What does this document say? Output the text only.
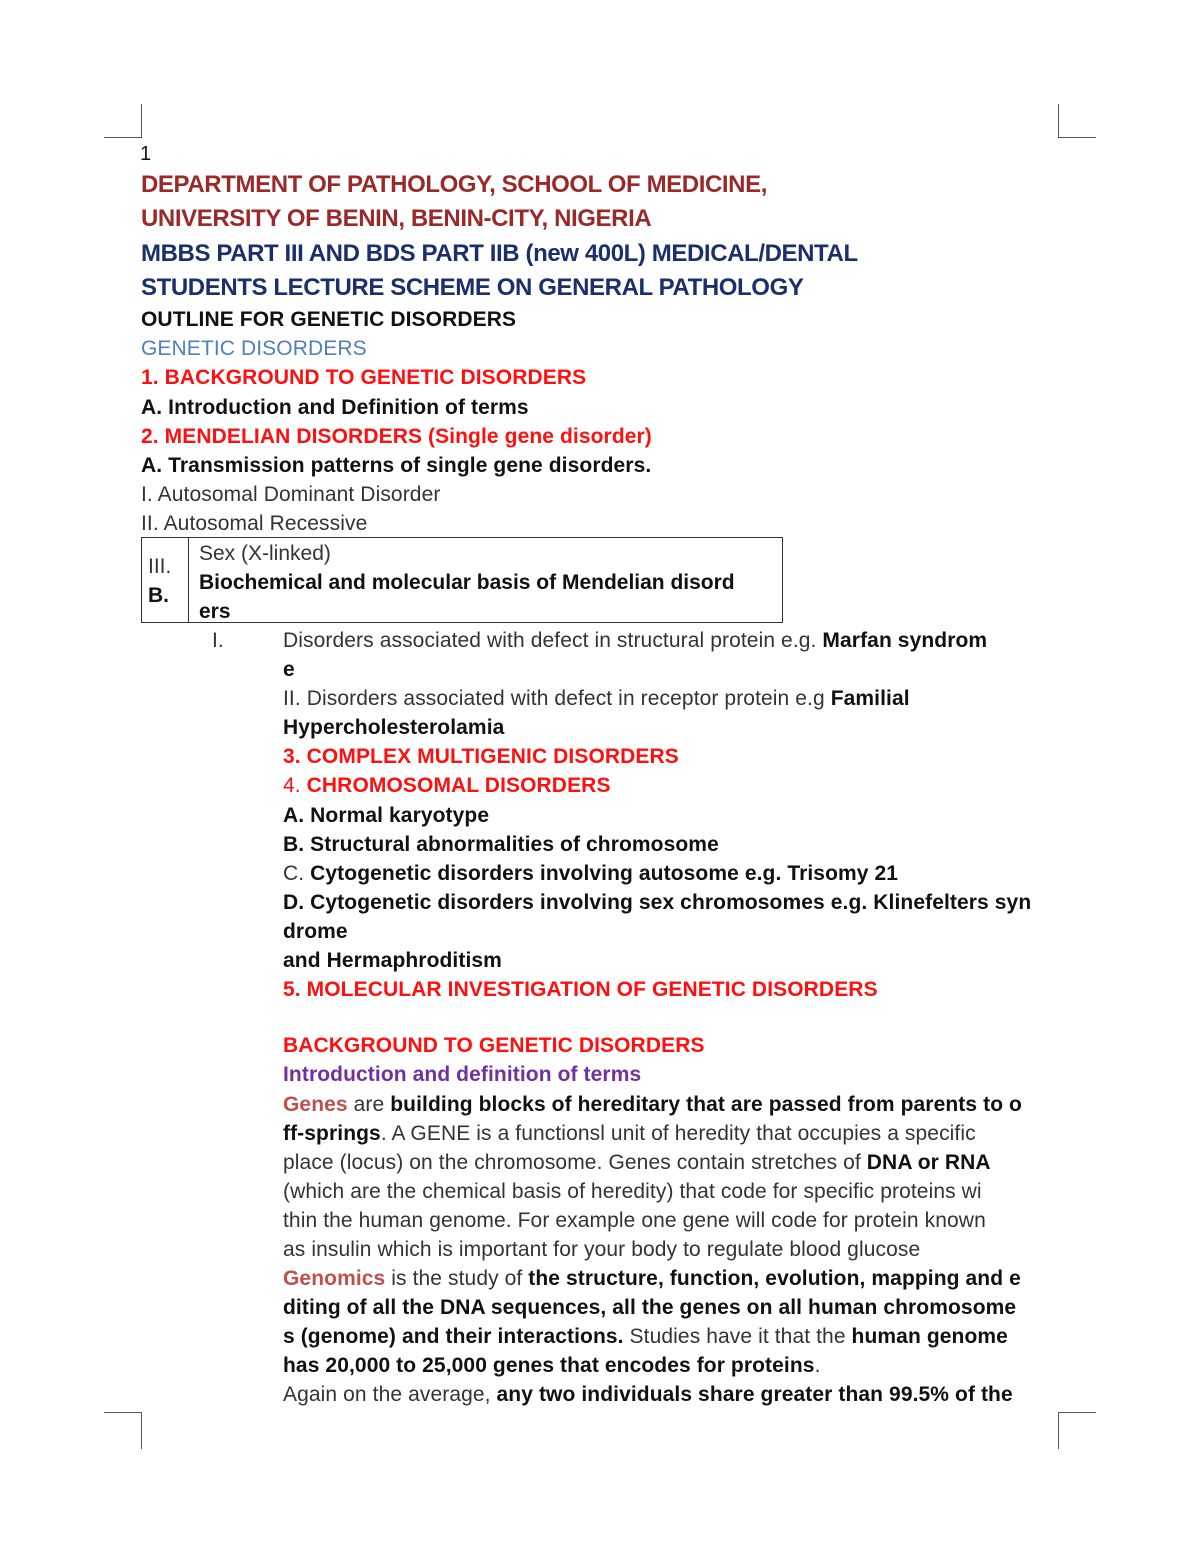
1
DEPARTMENT OF PATHOLOGY, SCHOOL OF MEDICINE,
UNIVERSITY OF BENIN, BENIN-CITY, NIGERIA
MBBS PART III AND BDS PART IIB (new 400L) MEDICAL/DENTAL
STUDENTS LECTURE SCHEME ON GENERAL PATHOLOGY
OUTLINE FOR GENETIC DISORDERS
GENETIC DISORDERS
1. BACKGROUND TO GENETIC DISORDERS
A. Introduction and Definition of terms
2. MENDELIAN DISORDERS (Single gene disorder)
A. Transmission patterns of single gene disorders.
I. Autosomal Dominant Disorder
II. Autosomal Recessive
III.
B.
Sex (X-linked)
Biochemical and molecular basis of Mendelian disord
ers
I.	Disorders associated with defect in structural protein e.g. Marfan syndrom
e
II. Disorders associated with defect in receptor protein e.g Familial
Hypercholesterolamia
3. COMPLEX MULTIGENIC DISORDERS
4. CHROMOSOMAL DISORDERS
A. Normal karyotype
B. Structural abnormalities of chromosome
C. Cytogenetic disorders involving autosome e.g. Trisomy 21
D. Cytogenetic disorders involving sex chromosomes e.g. Klinefelters syn
drome
and Hermaphroditism
5. MOLECULAR INVESTIGATION OF GENETIC DISORDERS
BACKGROUND TO GENETIC DISORDERS
Introduction and definition of terms
Genes are building blocks of hereditary that are passed from parents to o
ff-springs. A GENE is a functionsl unit of heredity that occupies a specific
place (locus) on the chromosome. Genes contain stretches of DNA or RNA
(which are the chemical basis of heredity) that code for specific proteins wi
thin the human genome. For example one gene will code for protein known
as insulin which is important for your body to regulate blood glucose
Genomics is the study of the structure, function, evolution, mapping and e
diting of all the DNA sequences, all the genes on all human chromosome
s (genome) and their interactions. Studies have it that the human genome
has 20,000 to 25,000 genes that encodes for proteins.
Again on the average, any two individuals share greater than 99.5% of the
